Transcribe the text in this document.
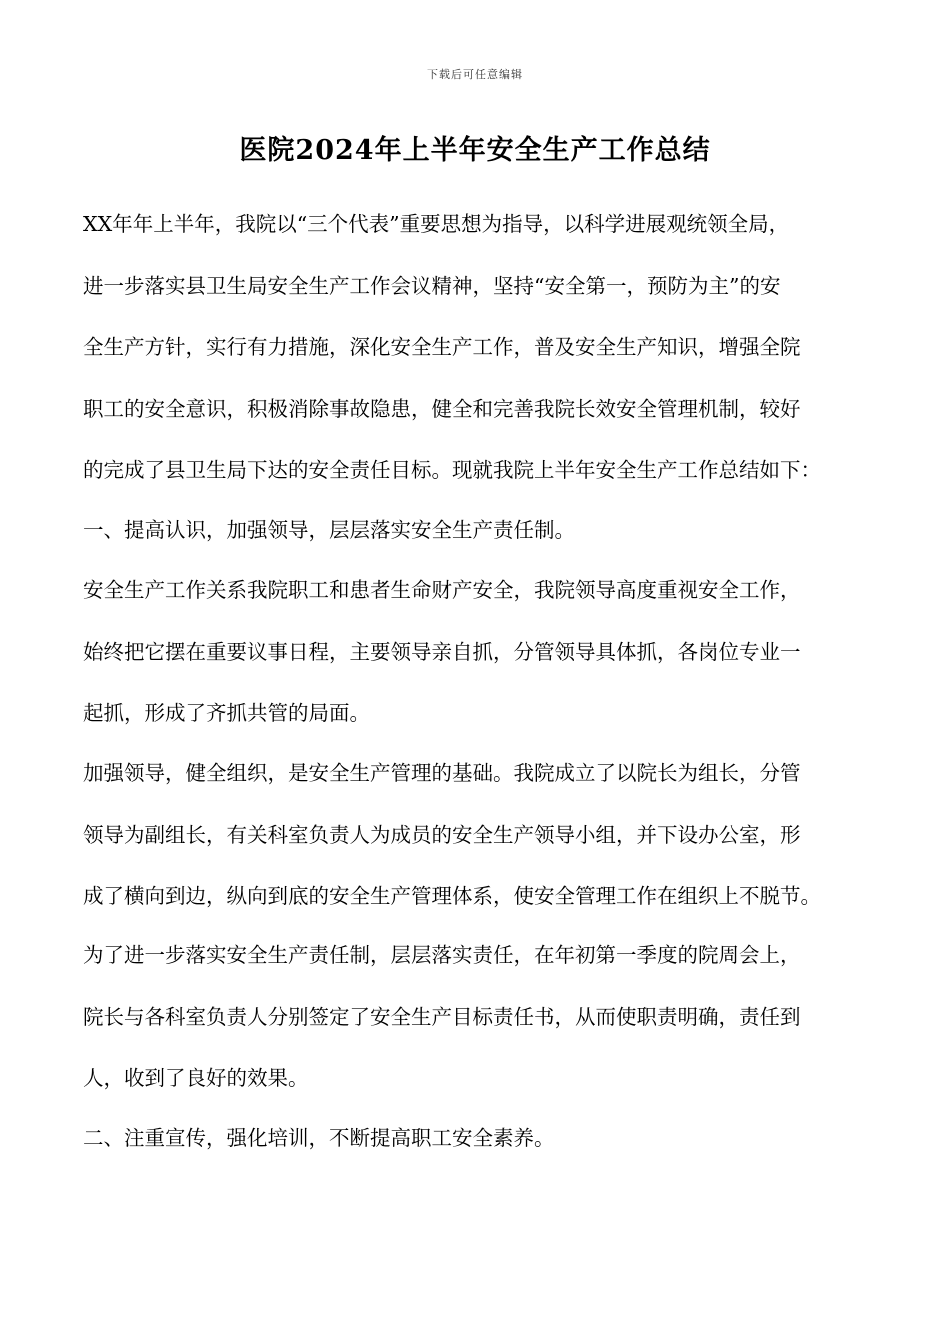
下载后可任意编辑
医院2024年上半年安全生产工作总结
XX年年上半年，我院以“三个代表”重要思想为指导，以科学进展观统领全局，
进一步落实县卫生局安全生产工作会议精神，坚持“安全第一，预防为主”的安
全生产方针，实行有力措施，深化安全生产工作，普及安全生产知识，增强全院
职工的安全意识，积极消除事故隐患，健全和完善我院长效安全管理机制，较好
的完成了县卫生局下达的安全责任目标。现就我院上半年安全生产工作总结如下：
一、提高认识，加强领导，层层落实安全生产责任制。
安全生产工作关系我院职工和患者生命财产安全，我院领导高度重视安全工作，
始终把它摆在重要议事日程，主要领导亲自抓，分管领导具体抓，各岗位专业一
起抓，形成了齐抓共管的局面。
加强领导，健全组织，是安全生产管理的基础。我院成立了以院长为组长，分管
领导为副组长，有关科室负责人为成员的安全生产领导小组，并下设办公室，形
成了横向到边，纵向到底的安全生产管理体系，使安全管理工作在组织上不脱节。
为了进一步落实安全生产责任制，层层落实责任，在年初第一季度的院周会上，
院长与各科室负责人分别签定了安全生产目标责任书，从而使职责明确，责任到
人，收到了良好的效果。
二、注重宣传，强化培训，不断提高职工安全素养。
